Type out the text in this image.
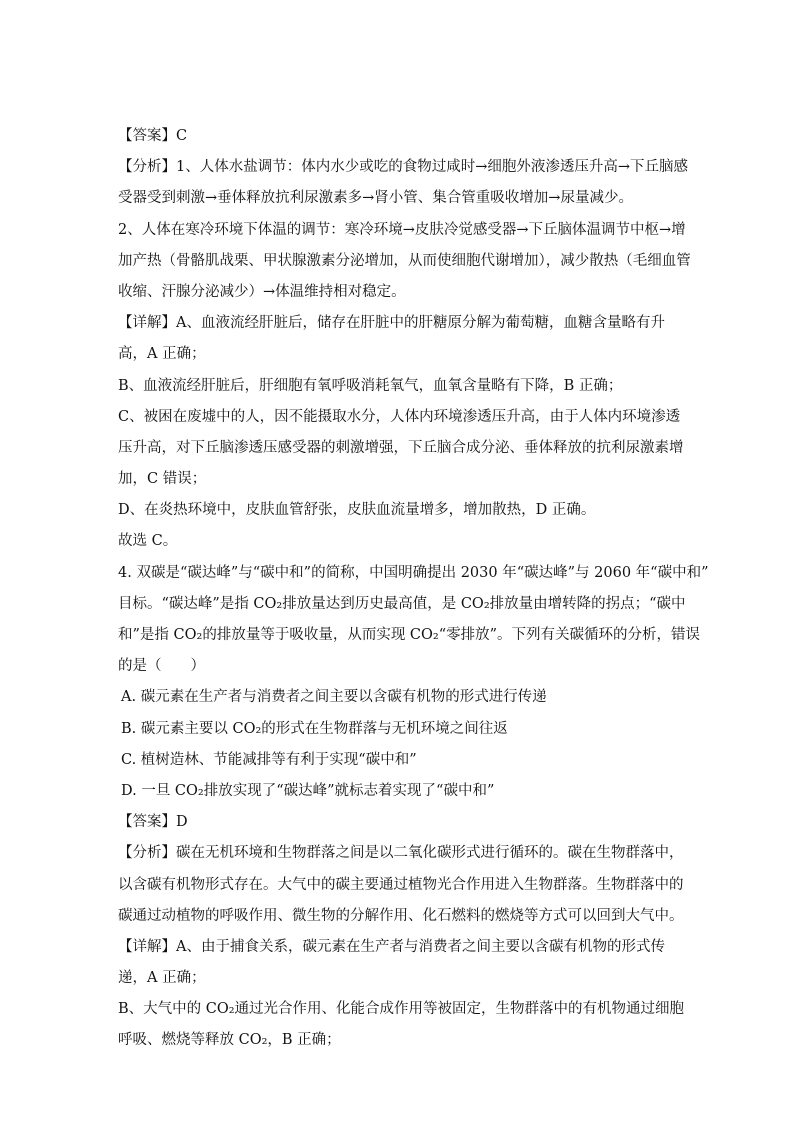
【答案】C
【分析】1、人体水盐调节：体内水少或吃的食物过咸时→细胞外液渗透压升高→下丘脑感
受器受到刺激→垂体释放抗利尿激素多→肾小管、集合管重吸收增加→尿量减少。
2、人体在寒冷环境下体温的调节：寒冷环境→皮肤冷觉感受器→下丘脑体温调节中枢→增
加产热（骨骼肌战栗、甲状腺激素分泌增加，从而使细胞代谢增加），减少散热（毛细血管
收缩、汗腺分泌减少）→体温维持相对稳定。
【详解】A、血液流经肝脏后，储存在肝脏中的肝糖原分解为葡萄糖，血糖含量略有升
高，A 正确；
B、血液流经肝脏后，肝细胞有氧呼吸消耗氧气，血氧含量略有下降，B 正确；
C、被困在废墟中的人，因不能摄取水分，人体内环境渗透压升高，由于人体内环境渗透
压升高，对下丘脑渗透压感受器的刺激增强，下丘脑合成分泌、垂体释放的抗利尿激素增
加，C 错误；
D、在炎热环境中，皮肤血管舒张，皮肤血流量增多，增加散热，D 正确。
故选 C。
4. 双碳是“碳达峰”与“碳中和”的简称，中国明确提出 2030 年“碳达峰”与 2060 年“碳中和”
目标。“碳达峰”是指 CO₂排放量达到历史最高值，是 CO₂排放量由增转降的拐点；“碳中
和”是指 CO₂的排放量等于吸收量，从而实现 CO₂“零排放”。下列有关碳循环的分析，错误
的是（　　）
A. 碳元素在生产者与消费者之间主要以含碳有机物的形式进行传递
B. 碳元素主要以 CO₂的形式在生物群落与无机环境之间往返
C. 植树造林、节能减排等有利于实现“碳中和”
D. 一旦 CO₂排放实现了“碳达峰”就标志着实现了“碳中和”
【答案】D
【分析】碳在无机环境和生物群落之间是以二氧化碳形式进行循环的。碳在生物群落中，
以含碳有机物形式存在。大气中的碳主要通过植物光合作用进入生物群落。生物群落中的
碳通过动植物的呼吸作用、微生物的分解作用、化石燃料的燃烧等方式可以回到大气中。
【详解】A、由于捕食关系，碳元素在生产者与消费者之间主要以含碳有机物的形式传
递，A 正确；
B、大气中的 CO₂通过光合作用、化能合成作用等被固定，生物群落中的有机物通过细胞
呼吸、燃烧等释放 CO₂，B 正确；
